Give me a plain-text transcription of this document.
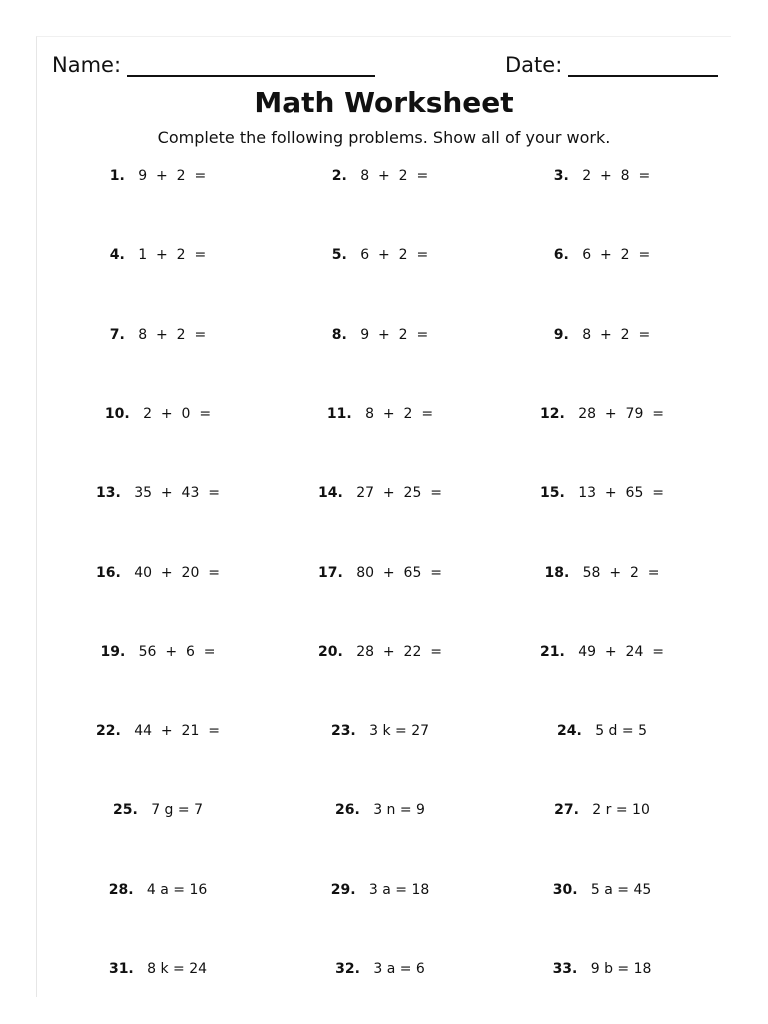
Name:	Date:
Math Worksheet
Complete the following problems. Show all of your work.
1. 9  +  2  =	2. 8  +  2  =	3. 2  +  8  =
4. 1  +  2  =	5. 6  +  2  =	6. 6  +  2  =
7. 8  +  2  =	8. 9  +  2  =	9. 8  +  2  =
10. 2  +  0  =	11. 8  +  2  =	12. 28  +  79  =
13. 35  +  43  =	14. 27  +  25  =	15. 13  +  65  =
16. 40  +  20  =	17. 80  +  65  =	18. 58  +  2  =
19. 56  +  6  =	20. 28  +  22  =	21. 49  +  24  =
22. 44  +  21  =	23. 3 k = 27	24. 5 d = 5
25. 7 g = 7	26. 3 n = 9	27. 2 r = 10
28. 4 a = 16	29. 3 a = 18	30. 5 a = 45
31. 8 k = 24	32. 3 a = 6	33. 9 b = 18
